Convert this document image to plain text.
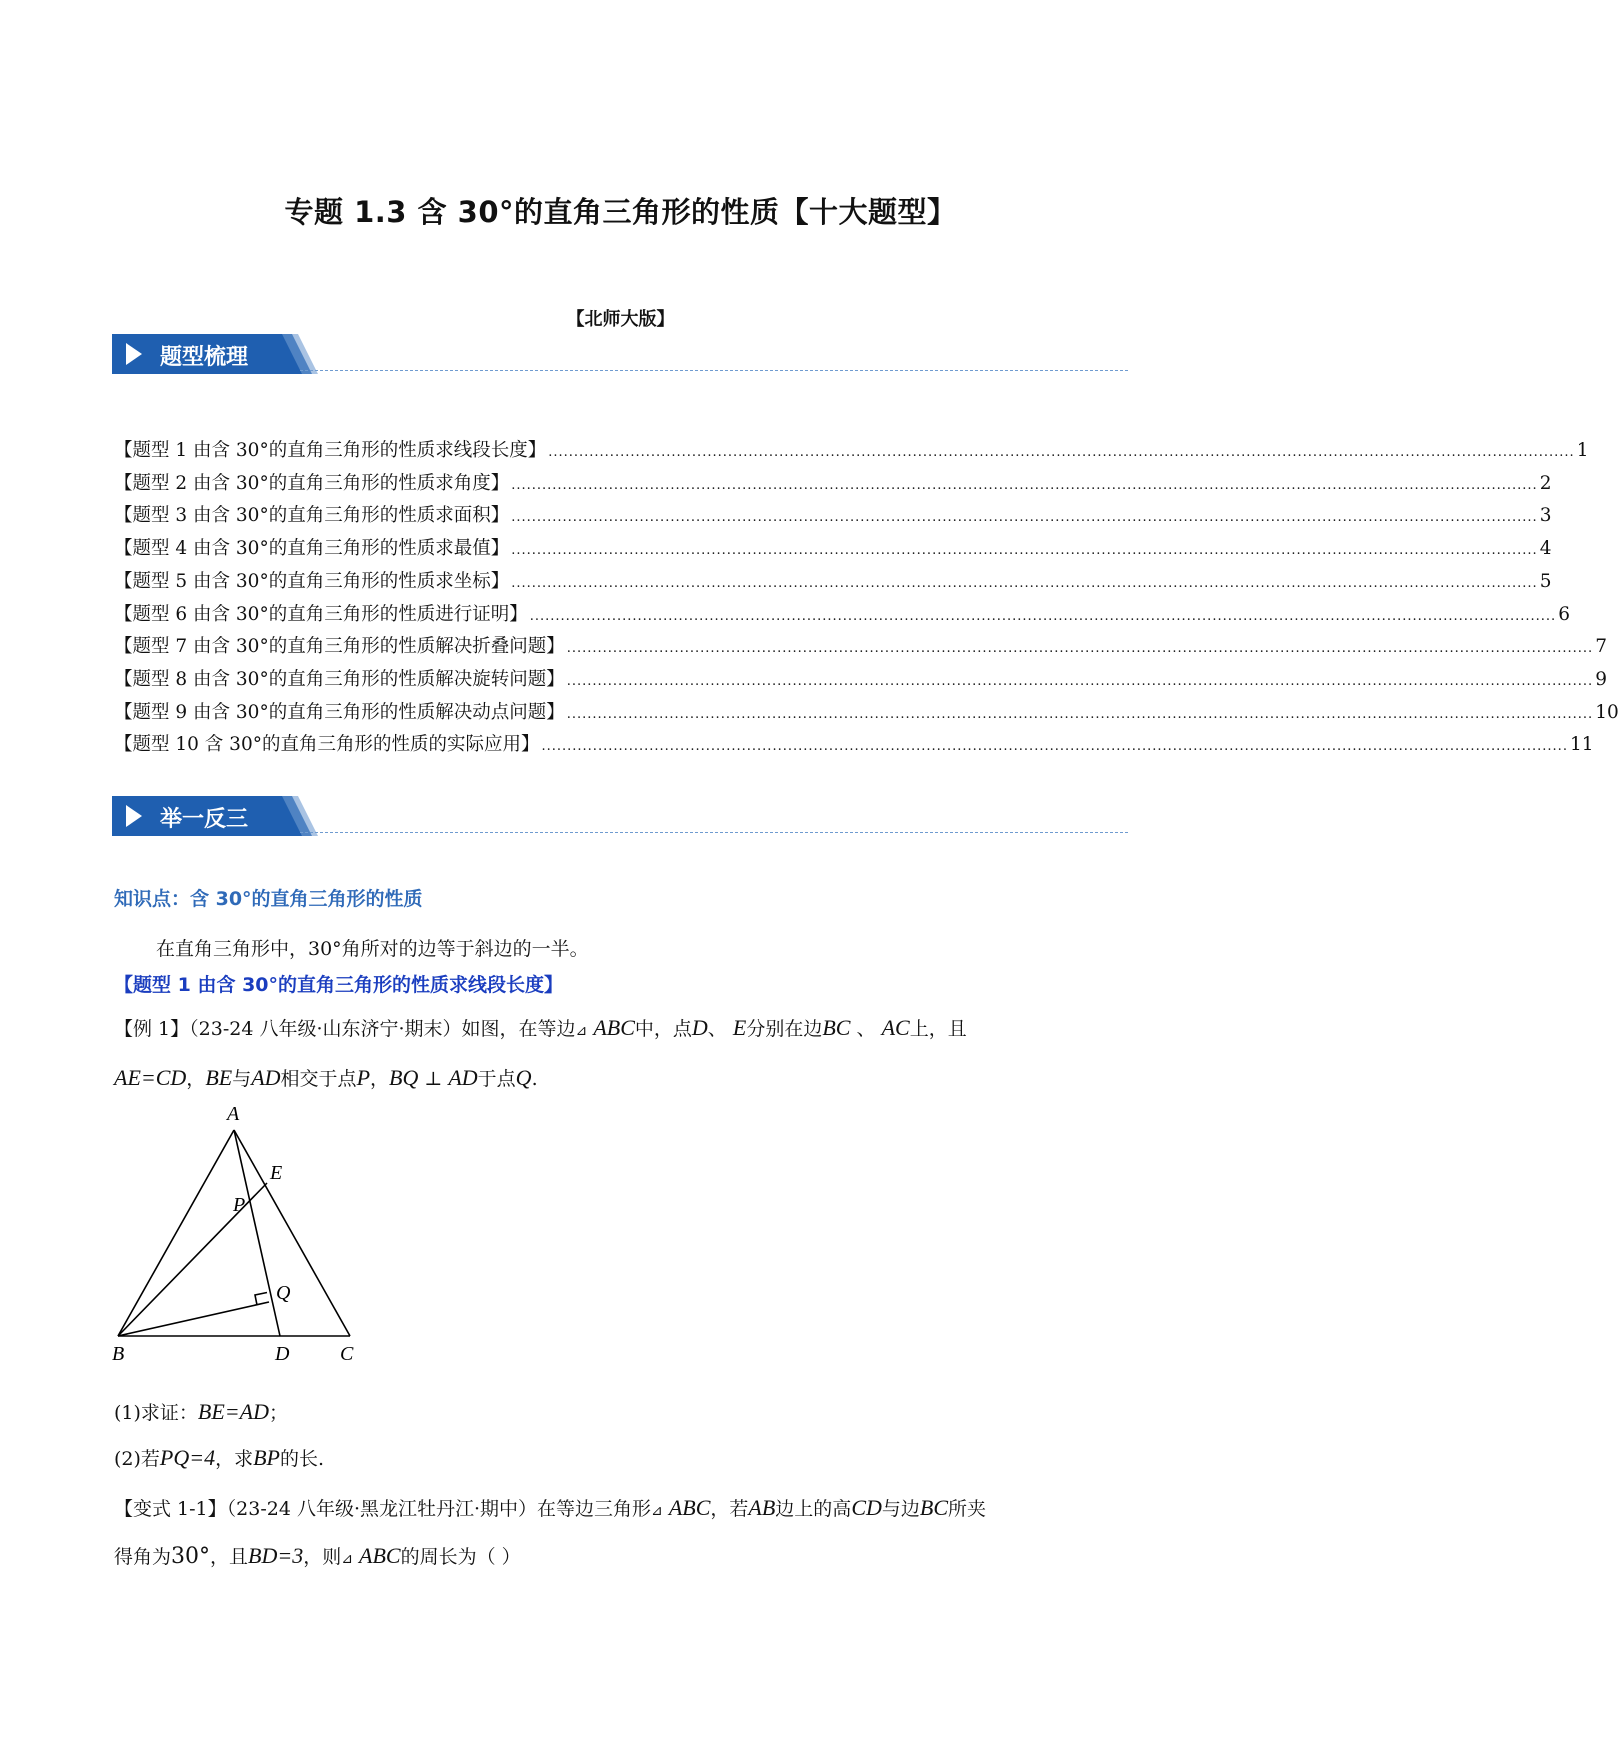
专题 1.3 含 30°的直角三角形的性质【十大题型】
【北师大版】
题型梳理
【题型 1 由含 30°的直角三角形的性质求线段长度】 ........................................................................................................................................................................................................ 1
【题型 2 由含 30°的直角三角形的性质求角度】 ........................................................................................................................................................................................................ 2
【题型 3 由含 30°的直角三角形的性质求面积】 ........................................................................................................................................................................................................ 3
【题型 4 由含 30°的直角三角形的性质求最值】 ........................................................................................................................................................................................................ 4
【题型 5 由含 30°的直角三角形的性质求坐标】 ........................................................................................................................................................................................................ 5
【题型 6 由含 30°的直角三角形的性质进行证明】 ........................................................................................................................................................................................................ 6
【题型 7 由含 30°的直角三角形的性质解决折叠问题】 ........................................................................................................................................................................................................ 7
【题型 8 由含 30°的直角三角形的性质解决旋转问题】 ........................................................................................................................................................................................................ 9
【题型 9 由含 30°的直角三角形的性质解决动点问题】 ........................................................................................................................................................................................................ 10
【题型 10 含 30°的直角三角形的性质的实际应用】 ........................................................................................................................................................................................................ 11
举一反三
知识点：含 30°的直角三角形的性质
在直角三角形中，30°角所对的边等于斜边的一半。
【题型 1 由含 30°的直角三角形的性质求线段长度】
【例 1】（23-24 八年级·山东济宁·期末）如图，在等边⊿ ABC中，点D、 E分别在边BC 、 AC上，且
AE=CD，BE与AD相交于点P，BQ ⊥ AD于点Q.
A
E
P
Q
B	D	C
(1)求证：BE=AD；
(2)若PQ=4，求BP的长.
【变式 1-1】（23-24 八年级·黑龙江牡丹江·期中）在等边三角形⊿ ABC，若AB边上的高CD与边BC所夹
得角为30°，且BD=3，则⊿ ABC的周长为（ ）
